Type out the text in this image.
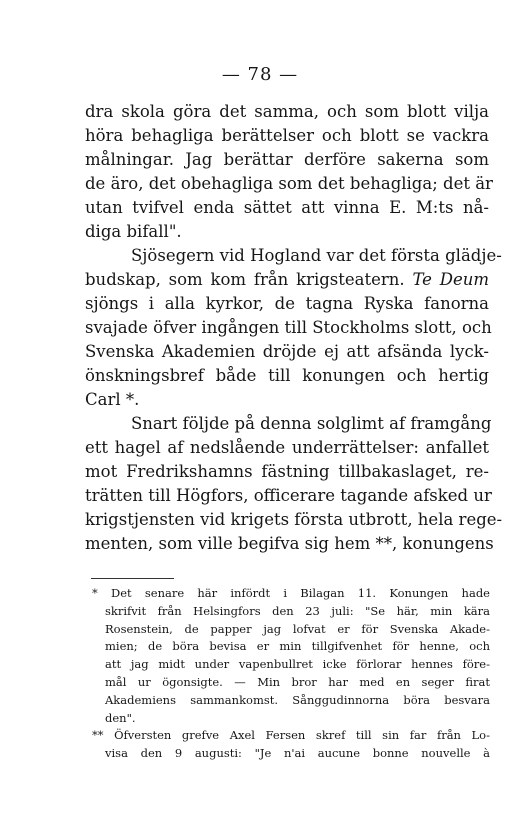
— 78 —
dra skola göra det samma, och som blott vilja
höra behagliga berättelser och blott se vackra
målningar. Jag berättar derföre sakerna som
de äro, det obehagliga som det behagliga; det är
utan tvifvel enda sättet att vinna E. M:ts nå-
diga bifall".
Sjösegern vid Hogland var det första glädje-
budskap, som kom från krigsteatern. Te Deum
sjöngs i alla kyrkor, de tagna Ryska fanorna
svajade öfver ingången till Stockholms slott, och
Svenska Akademien dröjde ej att afsända lyck-
önskningsbref både till konungen och hertig
Carl *.
Snart följde på denna solglimt af framgång
ett hagel af nedslående underrättelser: anfallet
mot Fredrikshamns fästning tillbakaslaget, re-
trätten till Högfors, officerare tagande afsked ur
krigstjensten vid krigets första utbrott, hela rege-
menten, som ville begifva sig hem **, konungens
* Det senare här infördt i Bilagan 11. Konungen hade
skrifvit från Helsingfors den 23 juli: "Se här, min kära
Rosenstein, de papper jag lofvat er för Svenska Akade-
mien; de böra bevisa er min tillgifvenhet för henne, och
att jag midt under vapenbullret icke förlorar hennes före-
mål ur ögonsigte. — Min bror har med en seger firat
Akademiens sammankomst. Sånggudinnorna böra besvara
den".
** Öfversten grefve Axel Fersen skref till sin far från Lo-
visa den 9 augusti: "Je n'ai aucune bonne nouvelle à
